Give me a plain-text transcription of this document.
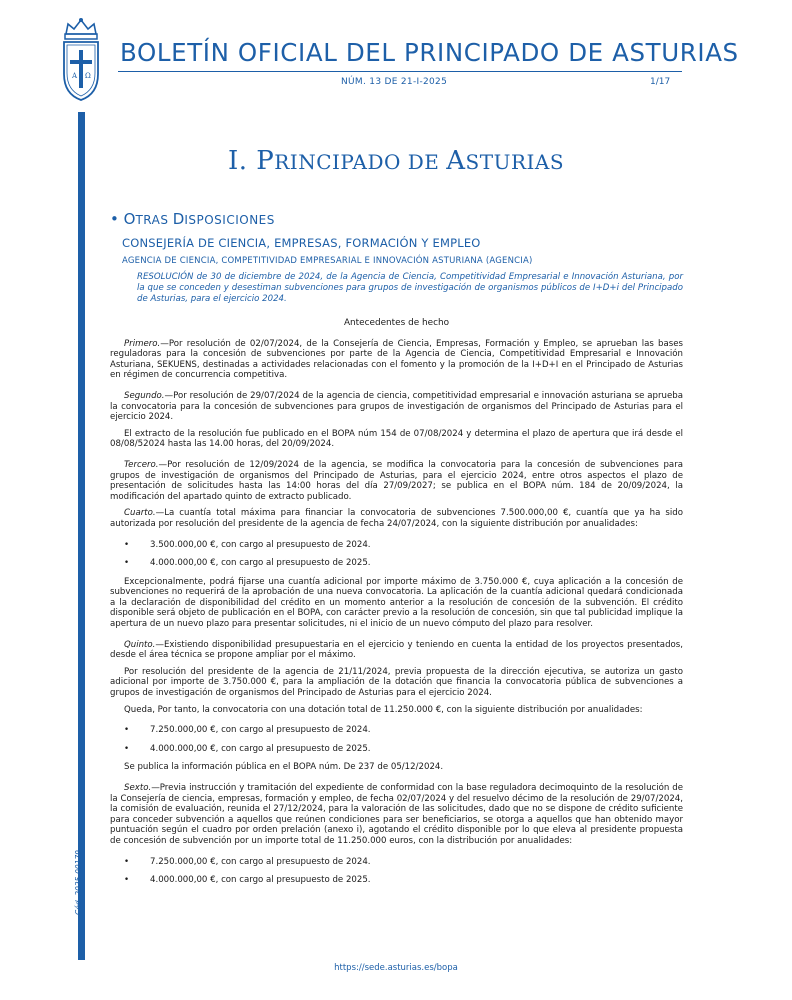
A Ω
BOLETÍN OFICIAL DEL PRINCIPADO DE ASTURIAS
NÚM. 13 DE 21-I-2025	1/17
Cód. 2025-00179
I. PRINCIPADO DE ASTURIAS
• OTRAS DISPOSICIONES
CONSEJERÍA DE CIENCIA, EMPRESAS, FORMACIÓN Y EMPLEO
AGENCIA DE CIENCIA, COMPETITIVIDAD EMPRESARIAL E INNOVACIÓN ASTURIANA (AGENCIA)
RESOLUCIÓN de 30 de diciembre de 2024, de la Agencia de Ciencia, Competitividad Empresarial e Innovación Asturiana, por la que se conceden y desestiman subvenciones para grupos de investigación de organismos públicos de I+D+i del Principado de Asturias, para el ejercicio 2024.
Antecedentes de hecho

Primero.—Por resolución de 02/07/2024, de la Consejería de Ciencia, Empresas, Formación y Empleo, se aprueban las bases reguladoras para la concesión de subvenciones por parte de la Agencia de Ciencia, Competitividad Empresarial e Innovación Asturiana, SEKUENS, destinadas a actividades relacionadas con el fomento y la promoción de la I+D+I en el Principado de Asturias en régimen de concurrencia competitiva.

Segundo.—Por resolución de 29/07/2024 de la agencia de ciencia, competitividad empresarial e innovación asturiana se aprueba la convocatoria para la concesión de subvenciones para grupos de investigación de organismos del Principado de Asturias para el ejercicio 2024.

El extracto de la resolución fue publicado en el BOPA núm 154 de 07/08/2024 y determina el plazo de apertura que irá desde el 08/08/52024 hasta las 14.00 horas, del 20/09/2024.

Tercero.—Por resolución de 12/09/2024 de la agencia, se modifica la convocatoria para la concesión de subvenciones para grupos de investigación de organismos del Principado de Asturias, para el ejercicio 2024, entre otros aspectos el plazo de presentación de solicitudes hasta las 14:00 horas del día 27/09/2027; se publica en el BOPA núm. 184 de 20/09/2024, la modificación del apartado quinto de extracto publicado.

Cuarto.—La cuantía total máxima para financiar la convocatoria de subvenciones 7.500.000,00 €, cuantía que ya ha sido autorizada por resolución del presidente de la agencia de fecha 24/07/2024, con la siguiente distribución por anualidades:

• 3.500.000,00 €, con cargo al presupuesto de 2024.
• 4.000.000,00 €, con cargo al presupuesto de 2025.

Excepcionalmente, podrá fijarse una cuantía adicional por importe máximo de 3.750.000 €, cuya aplicación a la concesión de subvenciones no requerirá de la aprobación de una nueva convocatoria. La aplicación de la cuantía adicional quedará condicionada a la declaración de disponibilidad del crédito en un momento anterior a la resolución de concesión de la subvención. El crédito disponible será objeto de publicación en el BOPA, con carácter previo a la resolución de concesión, sin que tal publicidad implique la apertura de un nuevo plazo para presentar solicitudes, ni el inicio de un nuevo cómputo del plazo para resolver.

Quinto.—Existiendo disponibilidad presupuestaria en el ejercicio y teniendo en cuenta la entidad de los proyectos presentados, desde el área técnica se propone ampliar por el máximo.

Por resolución del presidente de la agencia de 21/11/2024, previa propuesta de la dirección ejecutiva, se autoriza un gasto adicional por importe de 3.750.000 €, para la ampliación de la dotación que financia la convocatoria pública de subvenciones a grupos de investigación de organismos del Principado de Asturias para el ejercicio 2024.

Queda, Por tanto, la convocatoria con una dotación total de 11.250.000 €, con la siguiente distribución por anualidades:

• 7.250.000,00 €, con cargo al presupuesto de 2024.
• 4.000.000,00 €, con cargo al presupuesto de 2025.

Se publica la información pública en el BOPA núm. De 237 de 05/12/2024.

Sexto.—Previa instrucción y tramitación del expediente de conformidad con la base reguladora decimoquinto de la resolución de la Consejería de ciencia, empresas, formación y empleo, de fecha 02/07/2024 y del resuelvo décimo de la resolución de 29/07/2024, la comisión de evaluación, reunida el 27/12/2024, para la valoración de las solicitudes, dado que no se dispone de crédito suficiente para conceder subvención a aquellos que reúnen condiciones para ser beneficiarios, se otorga a aquellos que han obtenido mayor puntuación según el cuadro por orden prelación (anexo i), agotando el crédito disponible por lo que eleva al presidente propuesta de concesión de subvención por un importe total de 11.250.000 euros, con la distribución por anualidades:

• 7.250.000,00 €, con cargo al presupuesto de 2024.
• 4.000.000,00 €, con cargo al presupuesto de 2025.
https://sede.asturias.es/bopa
